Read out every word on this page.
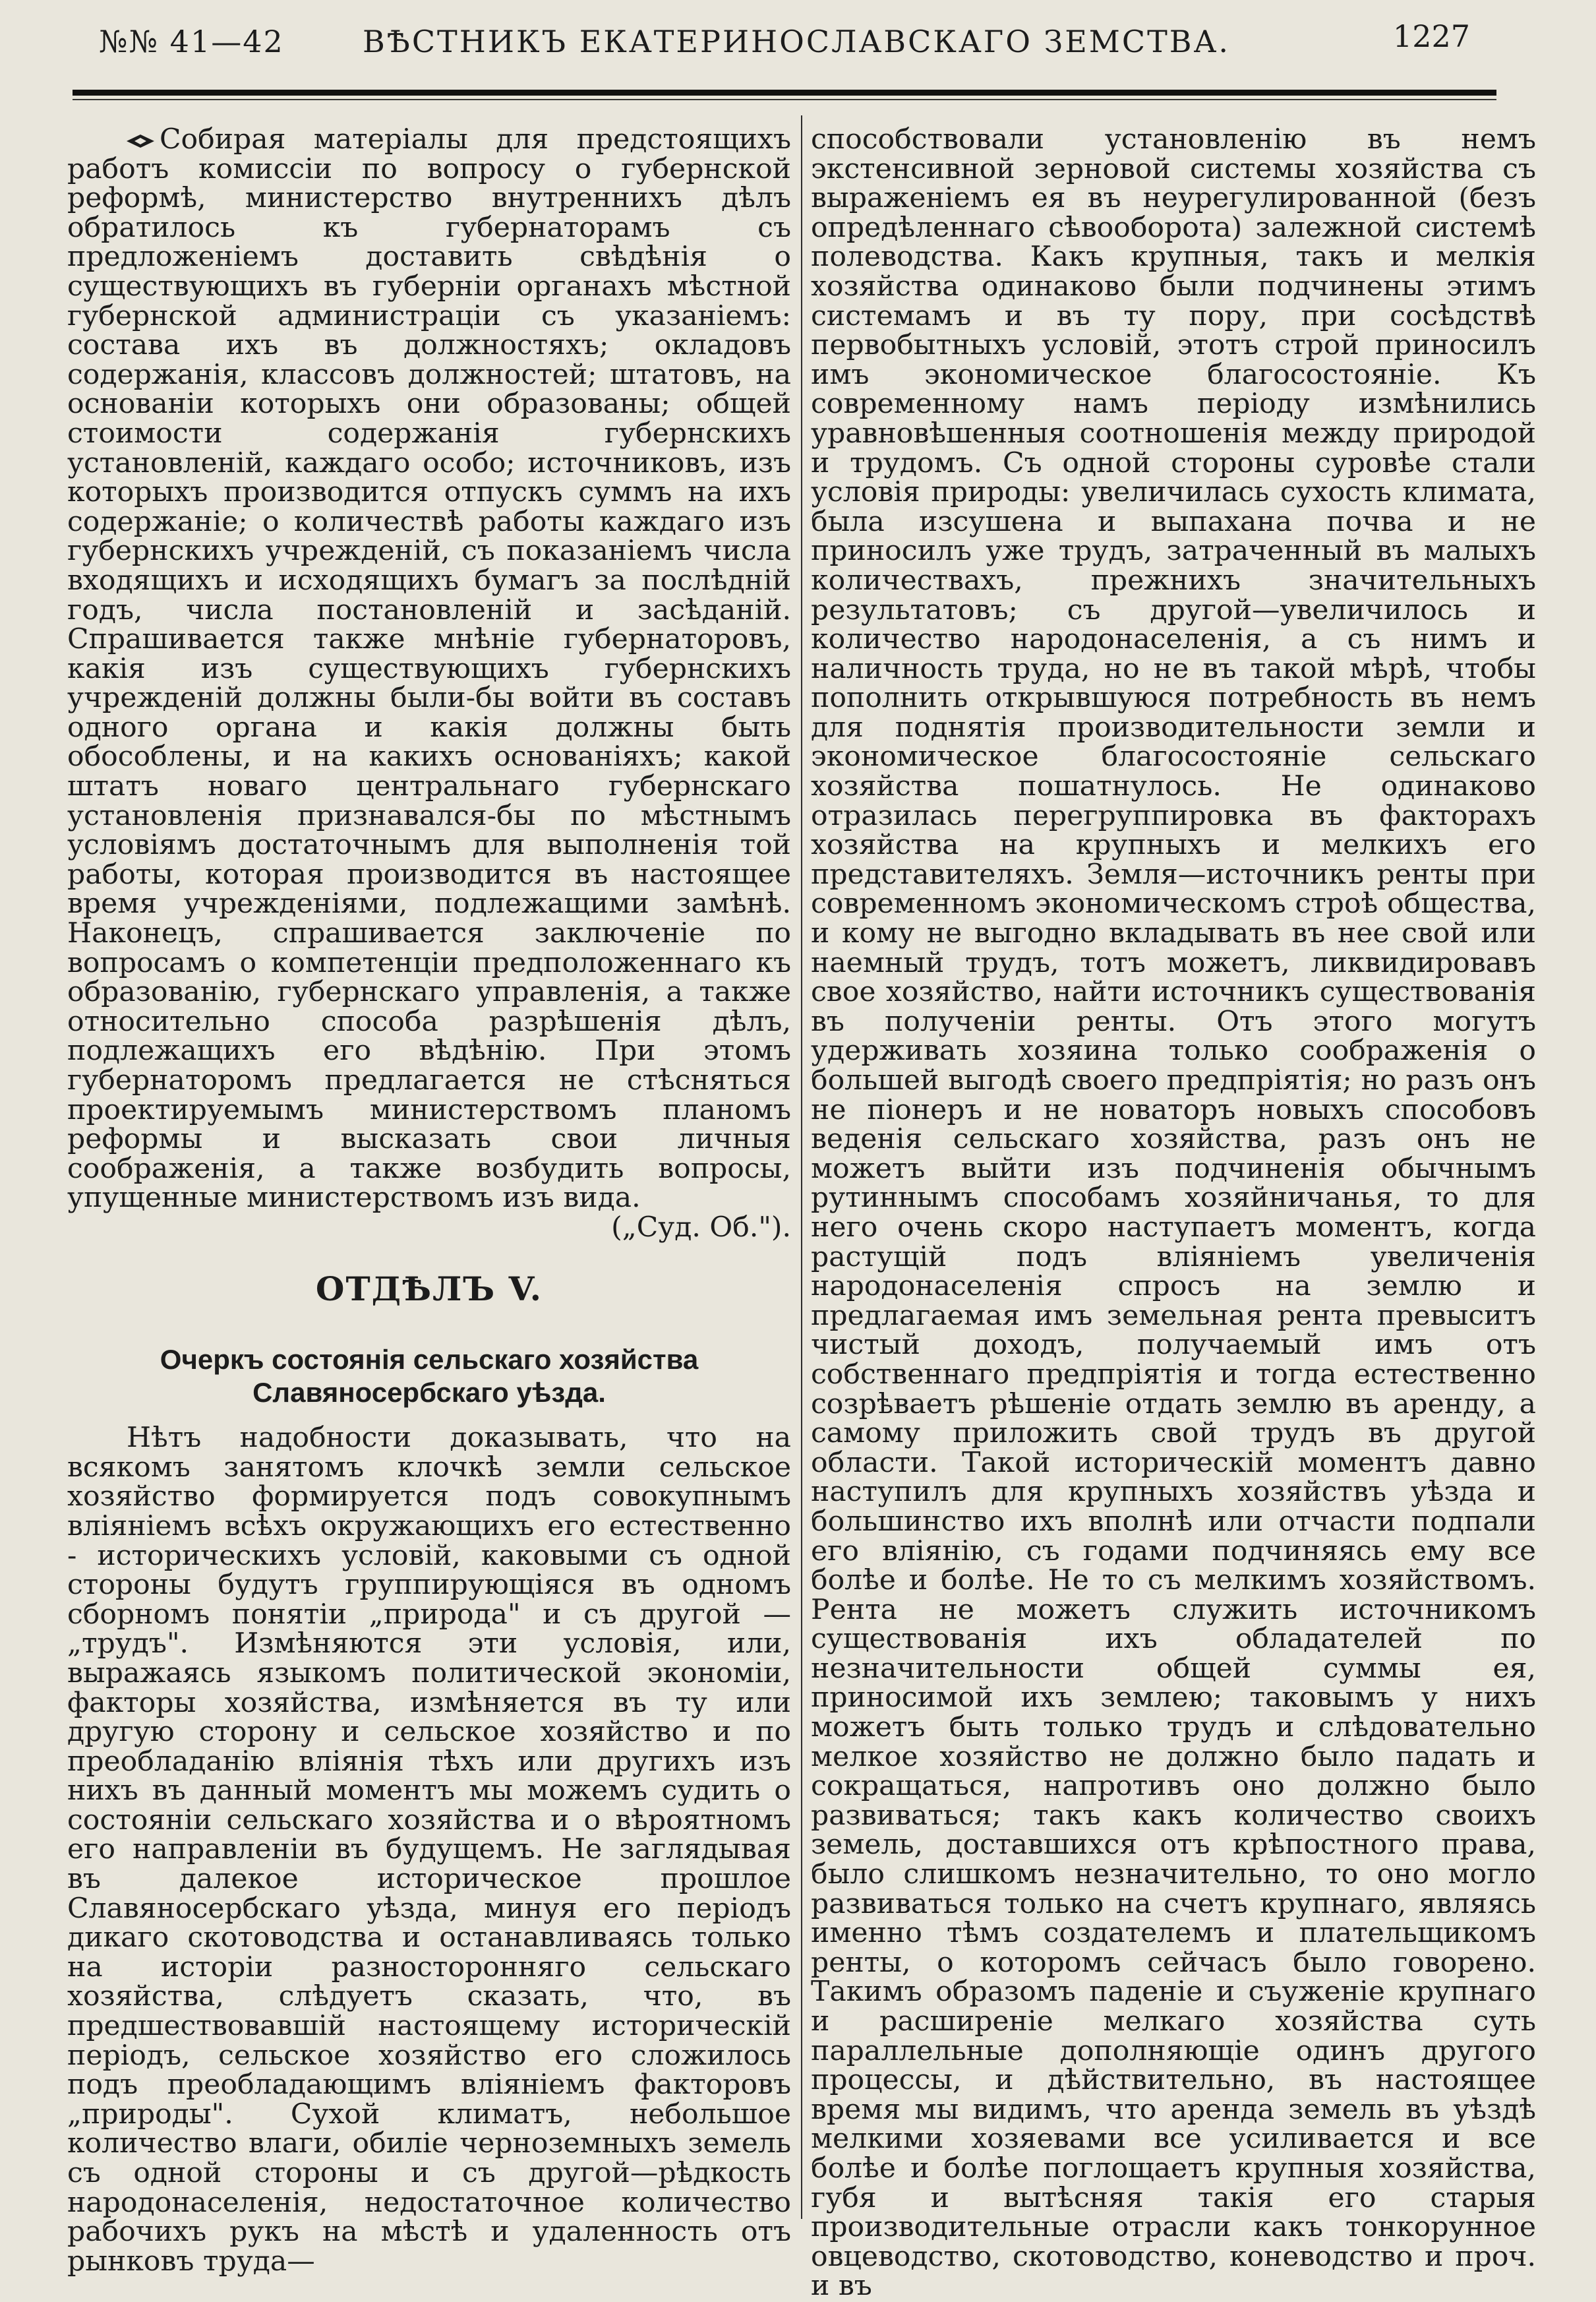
№№ 41—42	ВѢСТНИКЪ ЕКАТЕРИНОСЛАВСКАГО ЗЕМСТВА.	1227

Собирая матеріалы для предстоящихъ работъ комиссіи по вопросу о губернской реформѣ, министерство внутреннихъ дѣлъ обратилось къ губернаторамъ съ предложеніемъ доставить свѣдѣнія о существующихъ въ губерніи органахъ мѣстной губернской администраціи съ указаніемъ: состава ихъ въ должностяхъ; окладовъ содержанія, классовъ должностей; штатовъ, на основаніи которыхъ они образованы; общей стоимости содержанія губернскихъ установленій, каждаго особо; источниковъ, изъ которыхъ производится отпускъ суммъ на ихъ содержаніе; о количествѣ работы каждаго изъ губернскихъ учрежденій, съ показаніемъ числа входящихъ и исходящихъ бумагъ за послѣдній годъ, числа постановленій и засѣданій. Спрашивается также мнѣніе губернаторовъ, какія изъ существующихъ губернскихъ учрежденій должны были-бы войти въ составъ одного органа и какія должны быть обособлены, и на какихъ основаніяхъ; какой штатъ новаго центральнаго губернскаго установленія признавался-бы по мѣстнымъ условіямъ достаточнымъ для выполненія той работы, которая производится въ настоящее время учрежденіями, подлежащими замѣнѣ. Наконецъ, спрашивается заключеніе по вопросамъ о компетенціи предположеннаго къ образованію, губернскаго управленія, а также относительно способа разрѣшенія дѣлъ, подлежащихъ его вѣдѣнію. При этомъ губернаторомъ предлагается не стѣсняться проектируемымъ министерствомъ планомъ реформы и высказать свои личныя соображенія, а также возбудить вопросы, упущенные министерствомъ изъ вида.

(„Суд. Об.").

ОТДѢЛЪ V.
Очеркъ состоянія сельскаго хозяйства Славяносербскаго уѣзда.

Нѣтъ надобности доказывать, что на всякомъ занятомъ клочкѣ земли сельское хозяйство формируется подъ совокупнымъ вліяніемъ всѣхъ окружающихъ его естественно - историческихъ условій, каковыми съ одной стороны будутъ группирующіяся въ одномъ сборномъ понятіи „природа" и съ другой — „трудъ". Измѣняются эти условія, или, выражаясь языкомъ политической экономіи, факторы хозяйства, измѣняется въ ту или другую сторону и сельское хозяйство и по преобладанію вліянія тѣхъ или другихъ изъ нихъ въ данный моментъ мы можемъ судить о состояніи сельскаго хозяйства и о вѣроятномъ его направленіи въ будущемъ. Не заглядывая въ далекое историческое прошлое Славяносербскаго уѣзда, минуя его періодъ дикаго скотоводства и останавливаясь только на исторіи разносторонняго сельскаго хозяйства, слѣдуетъ сказать, что, въ предшествовавшій настоящему историческій періодъ, сельское хозяйство его сложилось подъ преобладающимъ вліяніемъ факторовъ „природы". Сухой климатъ, небольшое количество влаги, обиліе черноземныхъ земель съ одной стороны и съ другой—рѣдкость народонаселенія, недостаточное количество рабочихъ рукъ на мѣстѣ и удаленность отъ рынковъ труда—

способствовали установленію въ немъ экстенсивной зерновой системы хозяйства съ выраженіемъ ея въ неурегулированной (безъ опредѣленнаго сѣвооборота) залежной системѣ полеводства. Какъ крупныя, такъ и мелкія хозяйства одинаково были подчинены этимъ системамъ и въ ту пору, при сосѣдствѣ первобытныхъ условій, этотъ строй приносилъ имъ экономическое благосостояніе. Къ современному намъ періоду измѣнились уравновѣшенныя соотношенія между природой и трудомъ. Съ одной стороны суровѣе стали условія природы: увеличилась сухость климата, была изсушена и выпахана почва и не приносилъ уже трудъ, затраченный въ малыхъ количествахъ, прежнихъ значительныхъ результатовъ; съ другой—увеличилось и количество народонаселенія, а съ нимъ и наличность труда, но не въ такой мѣрѣ, чтобы пополнить открывшуюся потребность въ немъ для поднятія производительности земли и экономическое благосостояніе сельскаго хозяйства пошатнулось. Не одинаково отразилась перегруппировка въ факторахъ хозяйства на крупныхъ и мелкихъ его представителяхъ. Земля—источникъ ренты при современномъ экономическомъ строѣ общества, и кому не выгодно вкладывать въ нее свой или наемный трудъ, тотъ можетъ, ликвидировавъ свое хозяйство, найти источникъ существованія въ полученіи ренты. Отъ этого могутъ удерживать хозяина только соображенія о большей выгодѣ своего предпріятія; но разъ онъ не піонеръ и не новаторъ новыхъ способовъ веденія сельскаго хозяйства, разъ онъ не можетъ выйти изъ подчиненія обычнымъ рутиннымъ способамъ хозяйничанья, то для него очень скоро наступаетъ моментъ, когда растущій подъ вліяніемъ увеличенія народонаселенія спросъ на землю и предлагаемая имъ земельная рента превыситъ чистый доходъ, получаемый имъ отъ собственнаго предпріятія и тогда естественно созрѣваетъ рѣшеніе отдать землю въ аренду, а самому приложить свой трудъ въ другой области. Такой историческій моментъ давно наступилъ для крупныхъ хозяйствъ уѣзда и большинство ихъ вполнѣ или отчасти подпали его вліянію, съ годами подчиняясь ему все болѣе и болѣе. Не то съ мелкимъ хозяйствомъ. Рента не можетъ служить источникомъ существованія ихъ обладателей по незначительности общей суммы ея, приносимой ихъ землею; таковымъ у нихъ можетъ быть только трудъ и слѣдовательно мелкое хозяйство не должно было падать и сокращаться, напротивъ оно должно было развиваться; такъ какъ количество своихъ земель, доставшихся отъ крѣпостного права, было слишкомъ незначительно, то оно могло развиваться только на счетъ крупнаго, являясь именно тѣмъ создателемъ и плательщикомъ ренты, о которомъ сейчасъ было говорено. Такимъ образомъ паденіе и съуженіе крупнаго и расширеніе мелкаго хозяйства суть параллельные дополняющіе одинъ другого процессы, и дѣйствительно, въ настоящее время мы видимъ, что аренда земель въ уѣздѣ мелкими хозяевами все усиливается и все болѣе и болѣе поглощаетъ крупныя хозяйства, губя и вытѣсняя такія его старыя производительные отрасли какъ тонкорунное овцеводство, скотоводство, коневодство и проч. и въ
